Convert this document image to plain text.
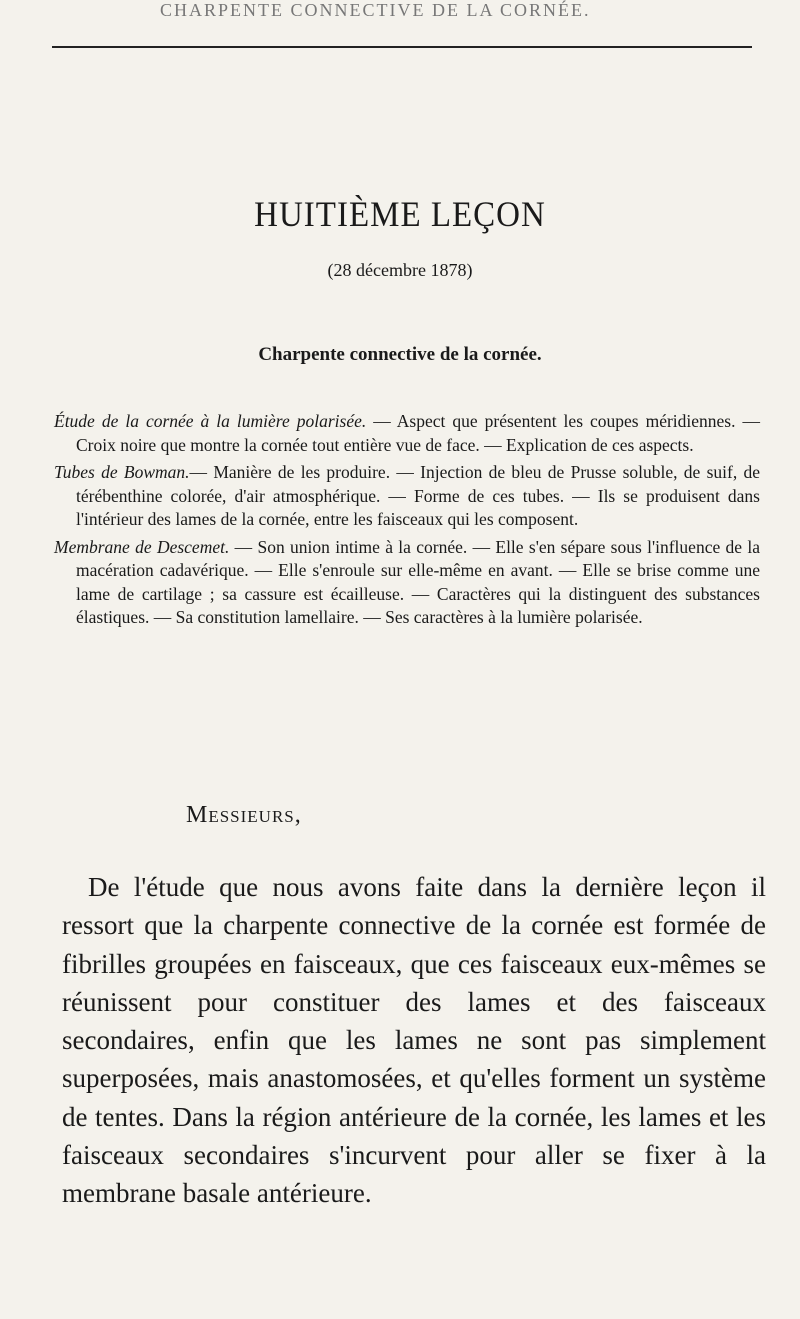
CHARPENTE CONNECTIVE DE LA CORNÉE.
HUITIÈME LEÇON
(28 décembre 1878)
Charpente connective de la cornée.

Étude de la cornée à la lumière polarisée. — Aspect que présentent les coupes méridiennes. — Croix noire que montre la cornée tout entière vue de face. — Explication de ces aspects.

Tubes de Bowman.— Manière de les produire. — Injection de bleu de Prusse soluble, de suif, de térébenthine colorée, d'air atmosphérique. — Forme de ces tubes. — Ils se produisent dans l'intérieur des lames de la cornée, entre les faisceaux qui les composent.

Membrane de Descemet. — Son union intime à la cornée. — Elle s'en sépare sous l'influence de la macération cadavérique. — Elle s'enroule sur elle-même en avant. — Elle se brise comme une lame de cartilage ; sa cassure est écailleuse. — Caractères qui la distinguent des substances élastiques. — Sa constitution lamellaire. — Ses caractères à la lumière polarisée.

Messieurs,

De l'étude que nous avons faite dans la dernière leçon il ressort que la charpente connective de la cornée est formée de fibrilles groupées en faisceaux, que ces faisceaux eux-mêmes se réunissent pour constituer des lames et des faisceaux secondaires, enfin que les lames ne sont pas simplement superposées, mais anastomosées, et qu'elles forment un système de tentes. Dans la région antérieure de la cornée, les lames et les faisceaux secondaires s'incurvent pour aller se fixer à la membrane basale antérieure.
